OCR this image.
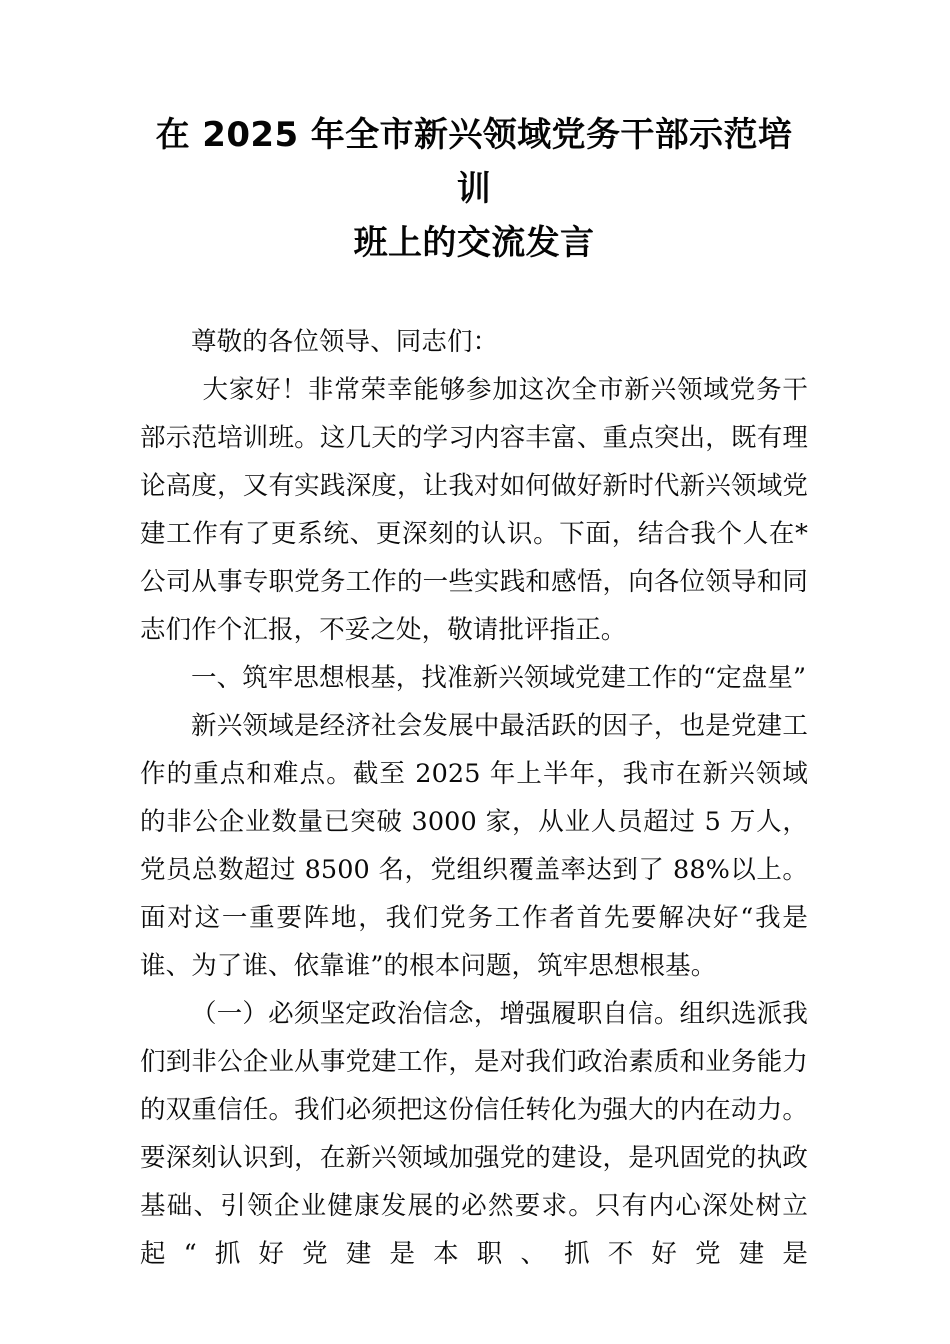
在 2025 年全市新兴领域党务干部示范培训
班上的交流发言

尊敬的各位领导、同志们：

大家好！非常荣幸能够参加这次全市新兴领域党务干部示范培训班。这几天的学习内容丰富、重点突出，既有理论高度，又有实践深度，让我对如何做好新时代新兴领域党建工作有了更系统、更深刻的认识。下面，结合我个人在*公司从事专职党务工作的一些实践和感悟，向各位领导和同志们作个汇报，不妥之处，敬请批评指正。

一、筑牢思想根基，找准新兴领域党建工作的“定盘星”

新兴领域是经济社会发展中最活跃的因子，也是党建工作的重点和难点。截至 2025 年上半年，我市在新兴领域的非公企业数量已突破 3000 家，从业人员超过 5 万人，党员总数超过 8500 名，党组织覆盖率达到了 88%以上。面对这一重要阵地，我们党务工作者首先要解决好“我是谁、为了谁、依靠谁”的根本问题，筑牢思想根基。

（一）必须坚定政治信念，增强履职自信。组织选派我们到非公企业从事党建工作，是对我们政治素质和业务能力的双重信任。我们必须把这份信任转化为强大的内在动力。要深刻认识到，在新兴领域加强党的建设，是巩固党的执政基础、引领企业健康发展的必然要求。只有内心深处树立起“抓好党建是本职、抓不好党建是
